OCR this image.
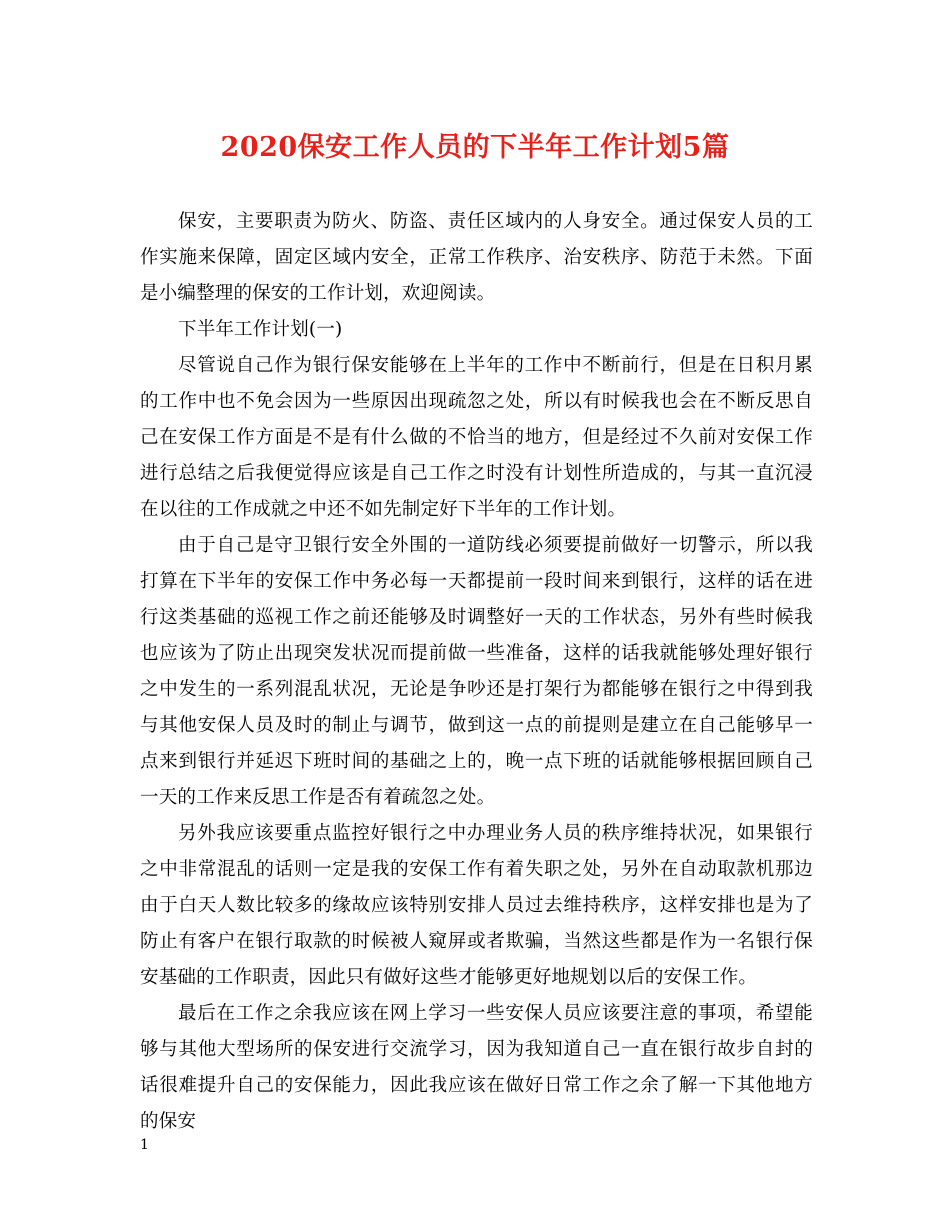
2020保安工作人员的下半年工作计划5篇

保安，主要职责为防火、防盗、责任区域内的人身安全。通过保安人员的工作实施来保障，固定区域内安全，正常工作秩序、治安秩序、防范于未然。下面是小编整理的保安的工作计划，欢迎阅读。

下半年工作计划(一)

尽管说自己作为银行保安能够在上半年的工作中不断前行，但是在日积月累的工作中也不免会因为一些原因出现疏忽之处，所以有时候我也会在不断反思自己在安保工作方面是不是有什么做的不恰当的地方，但是经过不久前对安保工作进行总结之后我便觉得应该是自己工作之时没有计划性所造成的，与其一直沉浸在以往的工作成就之中还不如先制定好下半年的工作计划。

由于自己是守卫银行安全外围的一道防线必须要提前做好一切警示，所以我打算在下半年的安保工作中务必每一天都提前一段时间来到银行，这样的话在进行这类基础的巡视工作之前还能够及时调整好一天的工作状态，另外有些时候我也应该为了防止出现突发状况而提前做一些准备，这样的话我就能够处理好银行之中发生的一系列混乱状况，无论是争吵还是打架行为都能够在银行之中得到我与其他安保人员及时的制止与调节，做到这一点的前提则是建立在自己能够早一点来到银行并延迟下班时间的基础之上的，晚一点下班的话就能够根据回顾自己一天的工作来反思工作是否有着疏忽之处。

另外我应该要重点监控好银行之中办理业务人员的秩序维持状况，如果银行之中非常混乱的话则一定是我的安保工作有着失职之处，另外在自动取款机那边由于白天人数比较多的缘故应该特别安排人员过去维持秩序，这样安排也是为了防止有客户在银行取款的时候被人窥屏或者欺骗，当然这些都是作为一名银行保安基础的工作职责，因此只有做好这些才能够更好地规划以后的安保工作。

最后在工作之余我应该在网上学习一些安保人员应该要注意的事项，希望能够与其他大型场所的保安进行交流学习，因为我知道自己一直在银行故步自封的话很难提升自己的安保能力，因此我应该在做好日常工作之余了解一下其他地方的保安

1
